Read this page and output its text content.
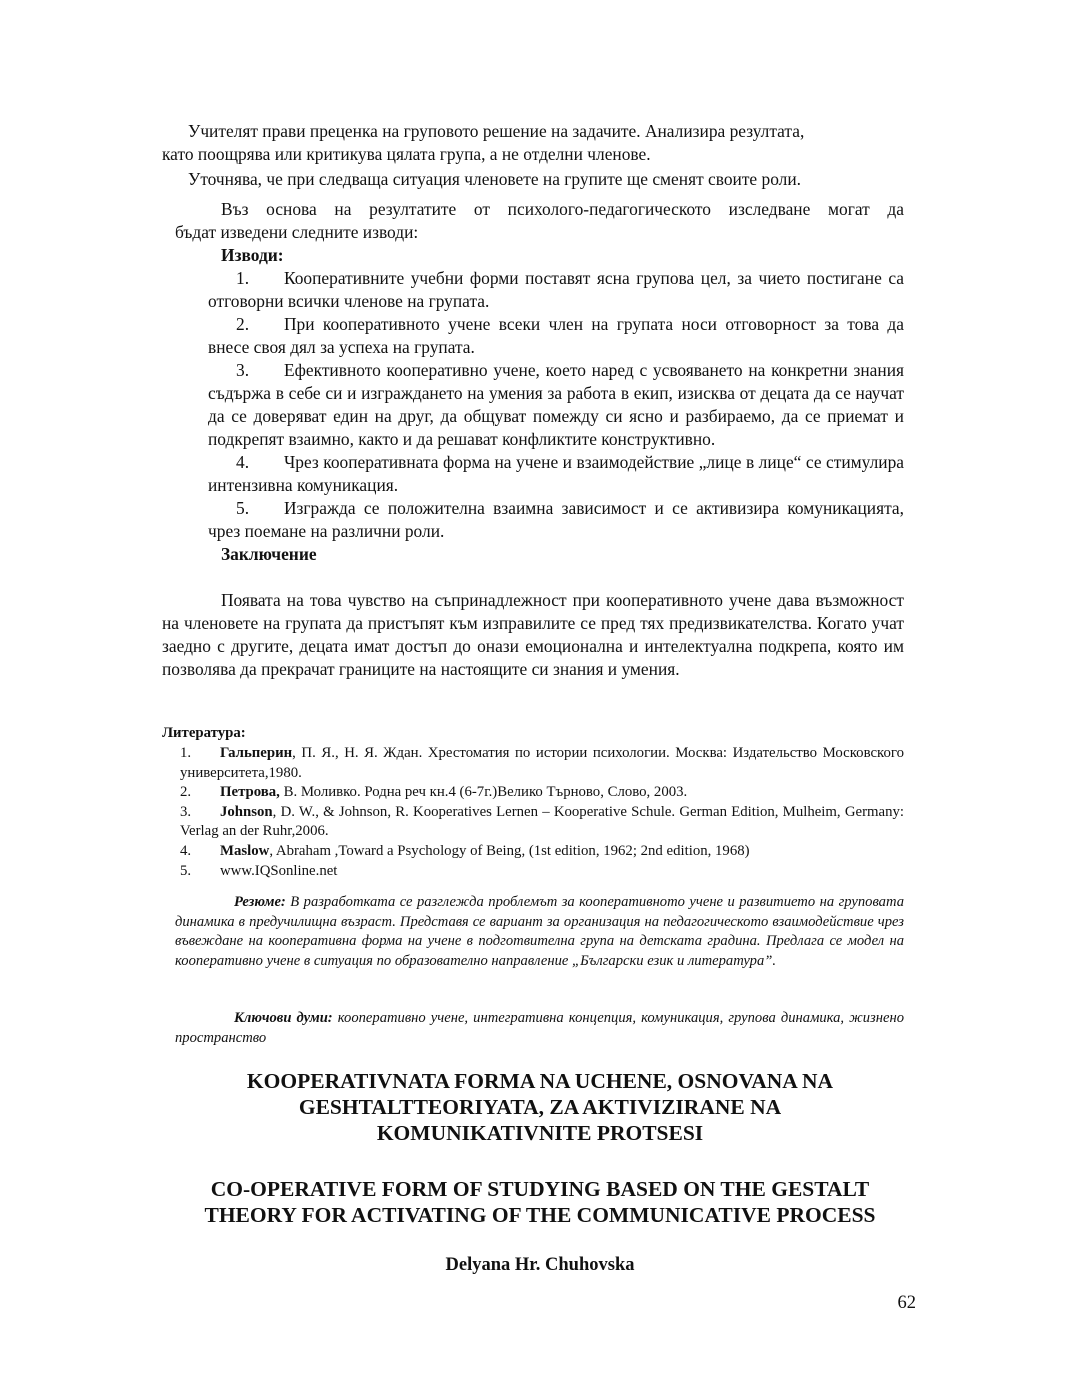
Учителят прави преценка на груповото решение на задачите. Анализира резултата,

като поощрява или критикува цялата група, а не отделни членове.

Уточнява, че при следваща ситуация членовете на групите ще сменят своите роли.

Въз основа на резултатите от психолого-педагогическото изследване могат да

бъдат изведени следните изводи:

Изводи:

1. Кооперативните учебни форми поставят ясна групова цел, за чието постигане са отговорни всички членове на групата.

2. При кооперативното учене всеки член на групата носи отговорност за това да внесе своя дял за успеха на групата.

3. Ефективното кооперативно учене, което наред с усвояването на конкретни знания съдържа в себе си и изграждането на умения за работа в екип, изисква от децата да се научат да се доверяват един на друг, да общуват помежду си ясно и разбираемо, да се приемат и подкрепят взаимно, както и да решават конфликтите конструктивно.

4. Чрез кооперативната форма на учене и взаимодействие „лице в лице“ се стимулира интензивна комуникация.

5. Изгражда се положителна взаимна зависимост и се активизира комуникацията, чрез поемане на различни роли.

Заключение

Появата на това чувство на съпринадлежност при кооперативното учене дава възможност на членовете на групата да пристъпят към изправилите се пред тях предизвикателства. Когато учат заедно с другите, децата имат достъп до онази емоционална и интелектуална подкрепа, която им позволява да прекрачат границите на настоящите си знания и умения.

Литература:

1. Гальперин, П. Я., Н. Я. Ждан. Хрестоматия по истории психологии. Москва: Издательство Московского университета,1980.

2. Петрова, В. Моливко. Родна реч кн.4 (6-7г.)Велико Търново, Слово, 2003.

3. Johnson, D. W., & Johnson, R. Kooperatives Lernen – Kooperative Schule. German Edition, Mulheim, Germany: Verlag an der Ruhr,2006.

4. Maslow, Abraham ,Toward a Psychology of Being, (1st edition, 1962; 2nd edition, 1968)

5. www.IQSonline.net

Резюме: В разработката се разглежда проблемът за кооперативното учене и развитието на груповата динамика в предучилищна възраст. Представя се вариант за организация на педагогическото взаимодействие чрез въвеждане на кооперативна форма на учене в подготвителна група на детската градина. Предлага се модел на кооперативно учене в ситуация по образователно направление „Български език и литература”.

Ключови думи: кооперативно учене, интегративна концепция, комуникация, групова динамика, жизнено пространство

KOOPERATIVNATA FORMA NA UCHENE, OSNOVANA NA

GESHTALTTEORIYATA, ZA AKTIVIZIRANE NA

KOMUNIKATIVNITE PROTSESI

CO-OPERATIVE FORM OF STUDYING BASED ON THE GESTALT

THEORY FOR ACTIVATING OF THE COMMUNICATIVE PROCESS

Delyana Hr. Chuhovska
62
